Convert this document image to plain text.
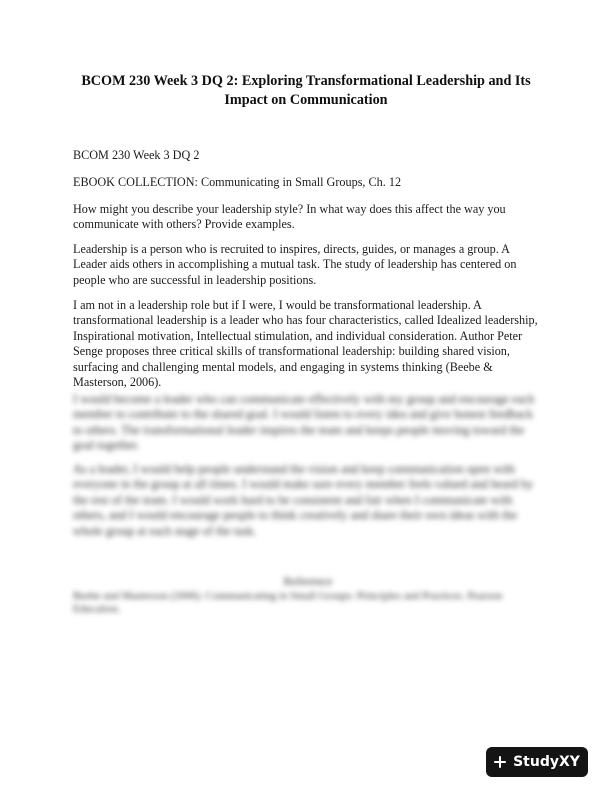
BCOM 230 Week 3 DQ 2: Exploring Transformational Leadership and Its Impact on Communication
BCOM 230 Week 3 DQ 2
EBOOK COLLECTION: Communicating in Small Groups, Ch. 12
How might you describe your leadership style? In what way does this affect the way you communicate with others? Provide examples.
Leadership is a person who is recruited to inspires, directs, guides, or manages a group. A Leader aids others in accomplishing a mutual task. The study of leadership has centered on people who are successful in leadership positions.
I am not in a leadership role but if I were, I would be transformational leadership. A transformational leadership is a leader who has four characteristics, called Idealized leadership, Inspirational motivation, Intellectual stimulation, and individual consideration. Author Peter Senge proposes three critical skills of transformational leadership: building shared vision, surfacing and challenging mental models, and engaging in systems thinking (Beebe & Masterson, 2006).
I would become a leader who can communicate effectively with my group and encourage each member to contribute to the shared goal. I would listen to every idea and give honest feedback to others. The transformational leader inspires the team and keeps people moving toward the goal together.
As a leader, I would help people understand the vision and keep communication open with everyone in the group at all times. I would make sure every member feels valued and heard by the rest of the team. I would work hard to be consistent and fair when I communicate with others, and I would encourage people to think creatively and share their own ideas with the whole group at each stage of the task.
Reference
Beebe and Masterson (2006). Communicating in Small Groups: Principles and Practices. Pearson Education.
StudyXY
